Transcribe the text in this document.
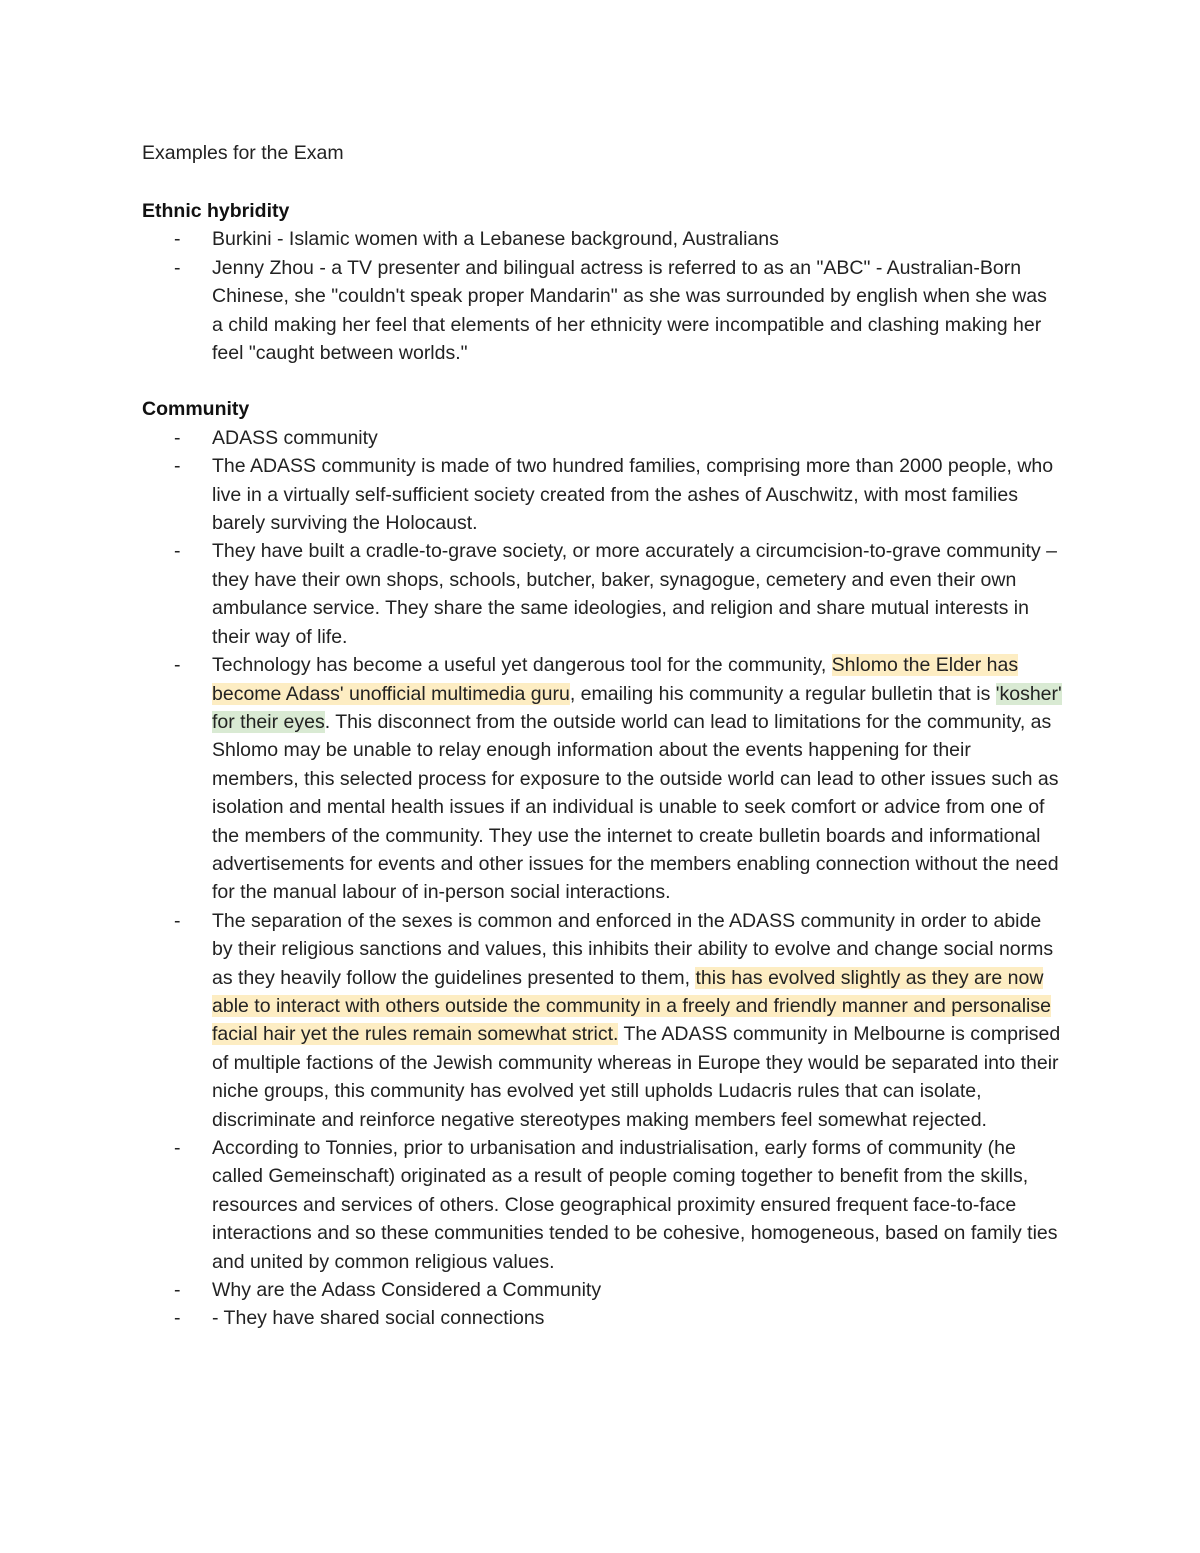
Examples for the Exam

Ethnic hybridity

-	Burkini - Islamic women with a Lebanese background, Australians
-	Jenny Zhou - a TV presenter and bilingual actress is referred to as an "ABC" - Australian-Born Chinese, she "couldn't speak proper Mandarin" as she was surrounded by english when she was a child making her feel that elements of her ethnicity were incompatible and clashing making her feel "caught between worlds."

Community

-	ADASS community
-	The ADASS community is made of two hundred families, comprising more than 2000 people, who live in a virtually self-sufficient society created from the ashes of Auschwitz, with most families barely surviving the Holocaust.
-	They have built a cradle-to-grave society, or more accurately a circumcision-to-grave community – they have their own shops, schools, butcher, baker, synagogue, cemetery and even their own ambulance service. They share the same ideologies, and religion and share mutual interests in their way of life.
-	Technology has become a useful yet dangerous tool for the community, Shlomo the Elder has become Adass' unofficial multimedia guru, emailing his community a regular bulletin that is 'kosher' for their eyes. This disconnect from the outside world can lead to limitations for the community, as Shlomo may be unable to relay enough information about the events happening for their members, this selected process for exposure to the outside world can lead to other issues such as isolation and mental health issues if an individual is unable to seek comfort or advice from one of the members of the community. They use the internet to create bulletin boards and informational advertisements for events and other issues for the members enabling connection without the need for the manual labour of in-person social interactions.
-	The separation of the sexes is common and enforced in the ADASS community in order to abide by their religious sanctions and values, this inhibits their ability to evolve and change social norms as they heavily follow the guidelines presented to them, this has evolved slightly as they are now able to interact with others outside the community in a freely and friendly manner and personalise facial hair yet the rules remain somewhat strict. The ADASS community in Melbourne is comprised of multiple factions of the Jewish community whereas in Europe they would be separated into their niche groups, this community has evolved yet still upholds Ludacris rules that can isolate, discriminate and reinforce negative stereotypes making members feel somewhat rejected.
-	According to Tonnies, prior to urbanisation and industrialisation, early forms of community (he called Gemeinschaft) originated as a result of people coming together to benefit from the skills, resources and services of others. Close geographical proximity ensured frequent face-to-face interactions and so these communities tended to be cohesive, homogeneous, based on family ties and united by common religious values.
-	Why are the Adass Considered a Community
-	- They have shared social connections
